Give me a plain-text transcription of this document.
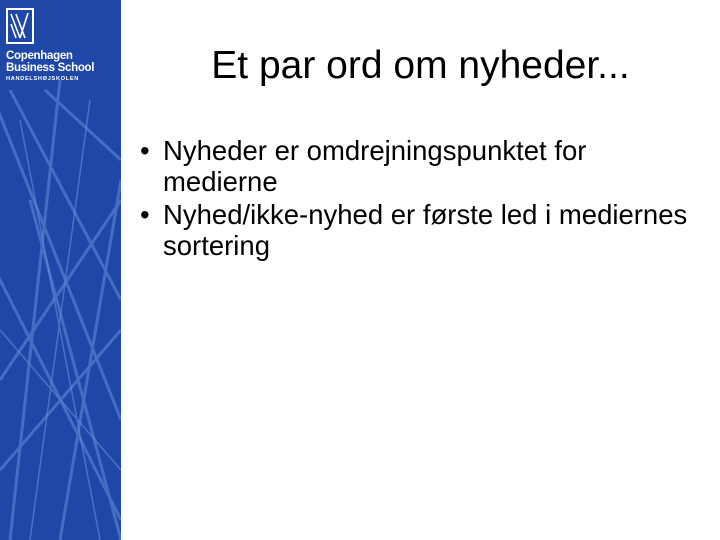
Copenhagen
Business School
HANDELSHØJSKOLEN	Et par ord om nyheder...
• Nyheder er omdrejningspunktet for medierne
• Nyhed/ikke-nyhed er første led i mediernes sortering
